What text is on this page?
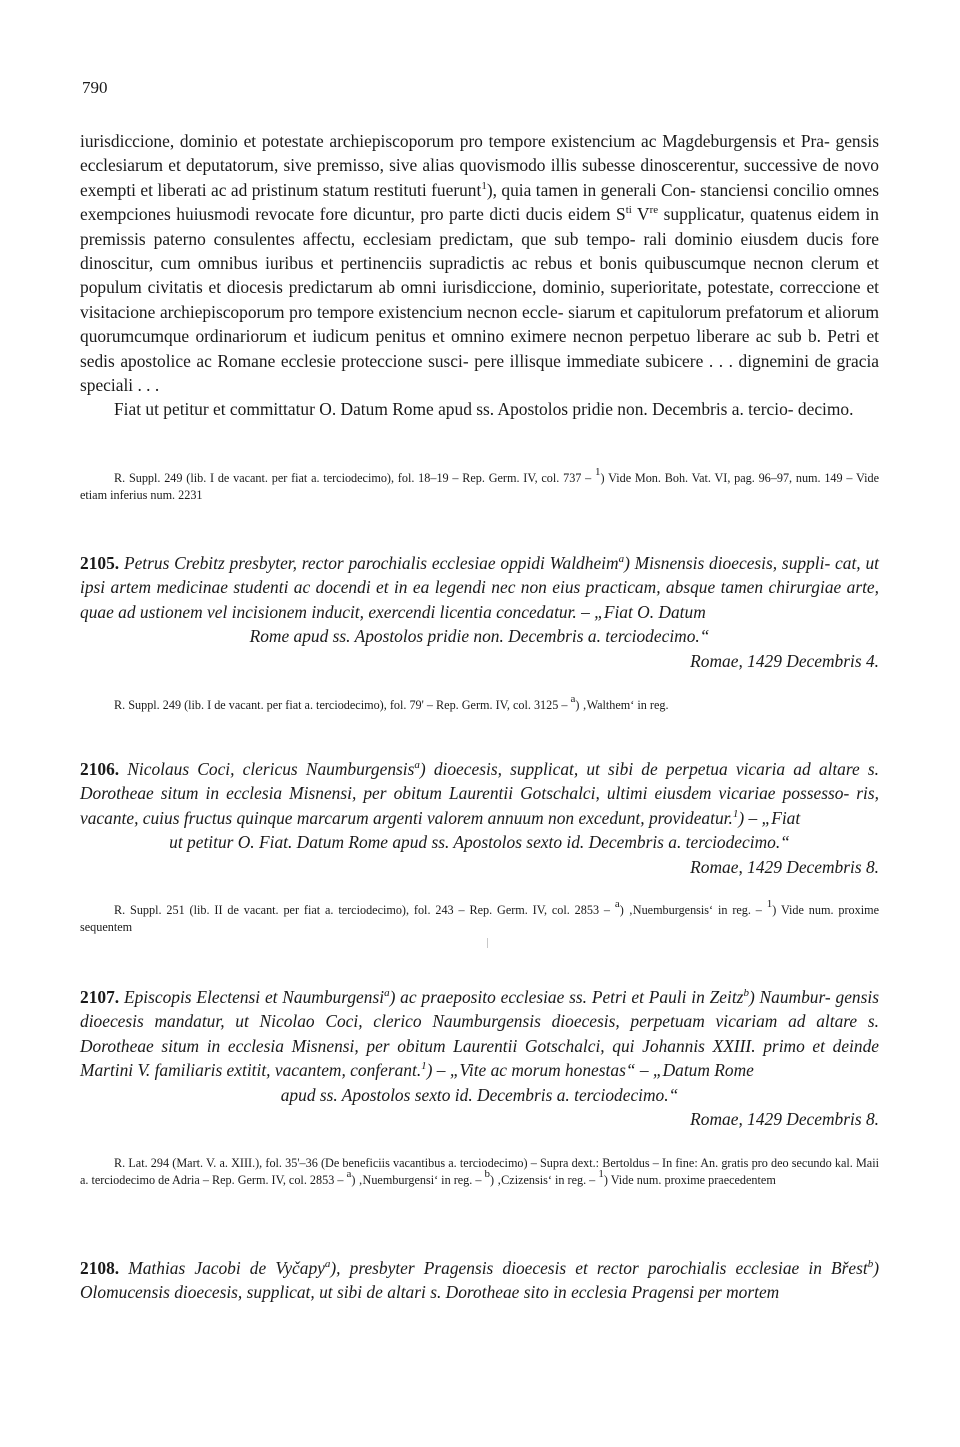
790

iurisdiccione, dominio et potestate archiepiscoporum pro tempore existencium ac Magdeburgensis et Pra- gensis ecclesiarum et deputatorum, sive premisso, sive alias quovismodo illis subesse dinoscerentur, successive de novo exempti et liberati ac ad pristinum statum restituti fuerunt$^1$), quia tamen in generali Con- stanciensi concilio omnes exempciones huiusmodi revocate fore dicuntur, pro parte dicti ducis eidem $S^{ti}$ Vre supplicatur, quatenus eidem in premissis paterno consulentes affectu, ecclesiam predictam, que sub tempo- rali dominio eiusdem ducis fore dinoscitur, cum omnibus iuribus et pertinenciis supradictis ac rebus et bonis quibuscumque necnon clerum et populum civitatis et diocesis predictarum ab omni iurisdiccione, dominio, superioritate, potestate, correccione et visitacione archiepiscoporum pro tempore existencium necnon eccle- siarum et capitulorum prefatorum et aliorum quorumcumque ordinariorum et iudicum penitus et omnino eximere necnon perpetuo liberare ac sub b. Petri et sedis apostolice ac Romane ecclesie proteccione susci- pere illisque immediate subicere . . . dignemini de gracia speciali . . .

Fiat ut petitur et committatur O. Datum Rome apud ss. Apostolos pridie non. Decembris a. tercio- decimo.

R. Suppl. 249 (lib. I de vacant. per fiat a. terciodecimo), fol. 18–19 – Rep. Germ. IV, col. 737 – $^1$) Vide Mon. Boh. Vat. VI, pag. 96–97, num. 149 – Vide etiam inferius num. 2231

2105. Petrus Crebitz presbyter, rector parochialis ecclesiae oppidi Waldheim$^a$) Misnensis dioecesis, suppli- cat, ut ipsi artem medicinae studenti ac docendi et in ea legendi nec non eius practicam, absque tamen chirurgiae arte, quae ad ustionem vel incisionem inducit, exercendi licentia concedatur. – „Fiat O. Datum

Rome apud ss. Apostolos pridie non. Decembris a. terciodecimo.“

Romae, 1429 Decembris 4.

R. Suppl. 249 (lib. I de vacant. per fiat a. terciodecimo), fol. 79' – Rep. Germ. IV, col. 3125 – $^a$) ‚Walthem‘ in reg.

2106. Nicolaus Coci, clericus Naumburgensis$^a$) dioecesis, supplicat, ut sibi de perpetua vicaria ad altare s. Dorotheae situm in ecclesia Misnensi, per obitum Laurentii Gotschalci, ultimi eiusdem vicariae possesso- ris, vacante, cuius fructus quinque marcarum argenti valorem annuum non excedunt, provideatur.$^1$) – „Fiat

ut petitur O. Fiat. Datum Rome apud ss. Apostolos sexto id. Decembris a. terciodecimo.“

Romae, 1429 Decembris 8.

R. Suppl. 251 (lib. II de vacant. per fiat a. terciodecimo), fol. 243 – Rep. Germ. IV, col. 2853 – $^a$) ‚Nuemburgensis‘ in reg. – $^1$) Vide num. proxime sequentem

2107. Episcopis Electensi et Naumburgensi$^a$) ac praeposito ecclesiae ss. Petri et Pauli in Zeitz$^b$) Naumbur- gensis dioecesis mandatur, ut Nicolao Coci, clerico Naumburgensis dioecesis, perpetuam vicariam ad altare s. Dorotheae situm in ecclesia Misnensi, per obitum Laurentii Gotschalci, qui Johannis XXIII. primo et deinde Martini V. familiaris extitit, vacantem, conferant.$^1$) – „Vite ac morum honestas“ – „Datum Rome

apud ss. Apostolos sexto id. Decembris a. terciodecimo.“

Romae, 1429 Decembris 8.

R. Lat. 294 (Mart. V. a. XIII.), fol. 35'–36 (De beneficiis vacantibus a. terciodecimo) – Supra dext.: Bertoldus – In fine: An. gratis pro deo secundo kal. Maii a. terciodecimo de Adria – Rep. Germ. IV, col. 2853 – $^a$) ‚Nuemburgensi‘ in reg. – $^b$) ‚Czizensis‘ in reg. – $^1$) Vide num. proxime praecedentem

2108. Mathias Jacobi de Vyčapy$^a$), presbyter Pragensis dioecesis et rector parochialis ecclesiae in Břest$^b$) Olomucensis dioecesis, supplicat, ut sibi de altari s. Dorotheae sito in ecclesia Pragensi per mortem
